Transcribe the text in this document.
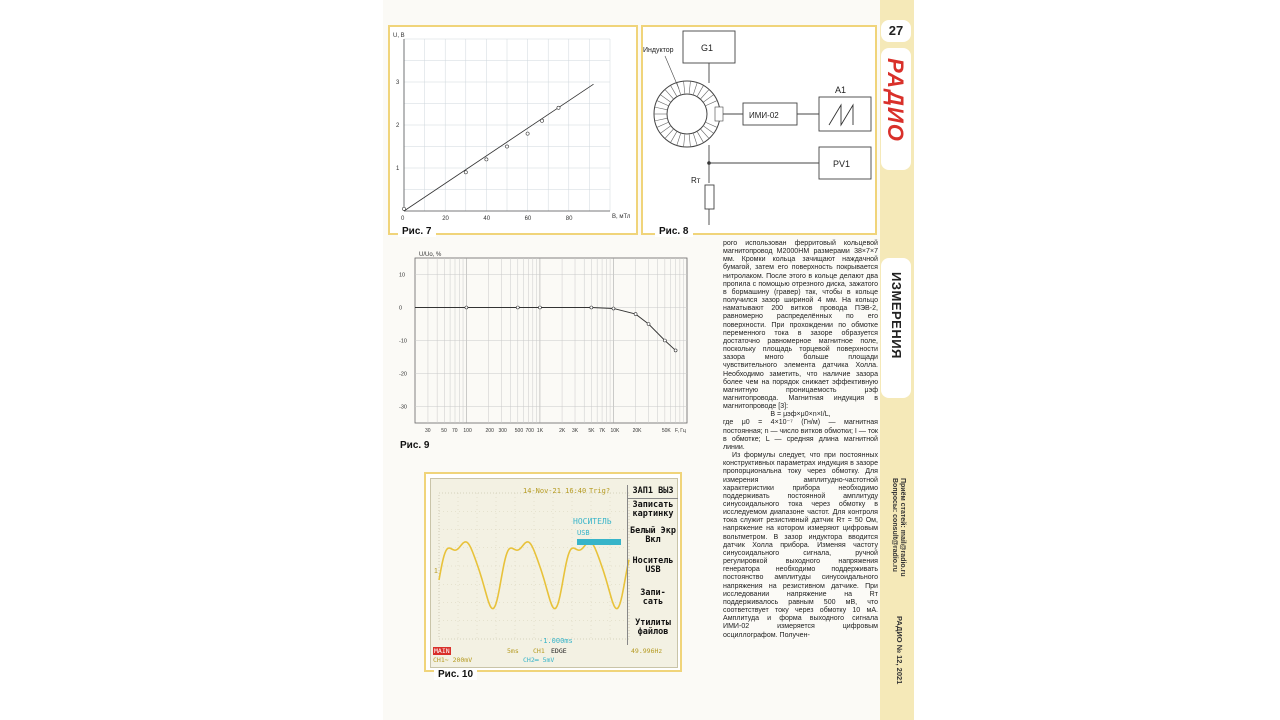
0	20	40	60	80
1
2
3
U, В
B, мТл
Рис. 7
G1
Индуктор
ИМИ-02
A1
PV1
Rт
Рис. 8
10
0
-10
-20
-30
30 50 70 100	200 300 500 700 1K	2K 3K 5K 7K 10K	20K	50K F, Гц
U/Uo, %
Рис. 9
1
14-Nov-21 16:40 Trig?
НОСИТЕЛЬ
USB
-1.000ms
ЗАП1 ВЫЗ
Записать
картинку
Белый Экр
Вкл
Носитель
USB
Запи-
сать
Утилиты
файлов
MAIN	5ms CH1 EDGE	49.996Hz
CH1∼ 200mV	CH2═ 5mV
Рис. 10

рого использован ферритовый кольцевой магнитопровод М2000НМ размерами 38×7×7 мм. Кромки кольца зачищают наждачной бумагой, затем его поверхность покрывается нитролаком. После этого в кольце делают два пропила с помощью отрезного диска, зажатого в бормашину (гравер) так, чтобы в кольце получился зазор шириной 4 мм. На кольцо наматывают 200 витков провода ПЭВ-2, равномерно распределённых по его поверхности. При прохождении по обмотке переменного тока в зазоре образуется достаточно равномерное магнитное поле, поскольку площадь торцевой поверхности зазора много больше площади чувствительного элемента датчика Холла. Необходимо заметить, что наличие зазора более чем на порядок снижает эффективную магнитную проницаемость μэф магнитопровода. Магнитная индукция в магнитопроводе [3]:

B = μэф×μ0×n×I/L,

где μ0 = 4×10⁻⁷ (Гн/м) — магнитная постоянная; n — число витков обмотки; I — ток в обмотке; L — средняя длина магнитной линии.

Из формулы следует, что при постоянных конструктивных параметрах индукция в зазоре пропорциональна току через обмотку. Для измерения амплитудно-частотной характеристики прибора необходимо поддерживать постоянной амплитуду синусоидального тока через обмотку в исследуемом диапазоне частот. Для контроля тока служит резистивный датчик Rт = 50 Ом, напряжение на котором измеряют цифровым вольтметром. В зазор индуктора вводится датчик Холла прибора. Изменяя частоту синусоидального сигнала, ручной регулировкой выходного напряжения генератора необходимо поддерживать постоянство амплитуды синусоидального напряжения на резистивном датчике. При исследовании напряжение на Rт поддерживалось равным 500 мВ, что соответствует току через обмотку 10 мА. Амплитуда и форма выходного сигнала ИМИ-02 измеряется цифровым осциллографом. Получен-

27
РАДИО
ИЗМЕРЕНИЯ
Приём статей: mail@radio.ru
Вопросы: consult@radio.ru
РАДИО № 12, 2021
